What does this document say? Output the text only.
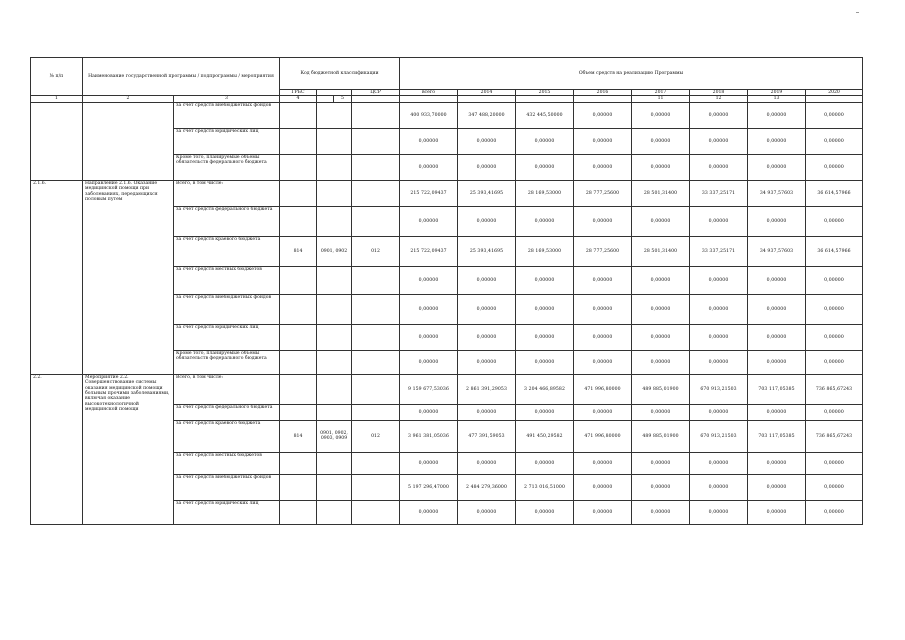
№ п/п	Наименование государственной программы / подпрограммы / мероприятия		Код бюджетной классификации				Объем средств на реализацию Программы							
			ГРБС			ЦСР	всего	2014	2015	2016	2017	2018	2019	2020
1	2	3	4		5						11	12	13	
		за счет средств внебюджетных фондов					400 933,70000	347 488,20000	432 445,50000	0,00000	0,00000	0,00000	0,00000	0,00000
		за счет средств юридических лиц					0,00000	0,00000	0,00000	0,00000	0,00000	0,00000	0,00000	0,00000
		Кроме того, планируемые объемы обязательств федерального бюджета					0,00000	0,00000	0,00000	0,00000	0,00000	0,00000	0,00000	0,00000
2.1.6.	Направление 2.1.6. Оказание медицинской помощи при заболеваниях, передающихся половым путем	Всего, в том числе:					215 722,09437	25 393,41695	28 169,53000	28 777,25600	28 501,31400	33 337,25171	34 937,57603	36 614,57966
		за счет средств федерального бюджета					0,00000	0,00000	0,00000	0,00000	0,00000	0,00000	0,00000	0,00000
		за счет средств краевого бюджета	814	0901, 0902		012	215 722,09437	25 393,41695	28 169,53000	28 777,25600	28 501,31400	33 337,25171	34 937,57603	36 614,57966
		за счет средств местных бюджетов					0,00000	0,00000	0,00000	0,00000	0,00000	0,00000	0,00000	0,00000
		за счет средств внебюджетных фондов					0,00000	0,00000	0,00000	0,00000	0,00000	0,00000	0,00000	0,00000
		за счет средств юридических лиц					0,00000	0,00000	0,00000	0,00000	0,00000	0,00000	0,00000	0,00000
		Кроме того, планируемые объемы обязательств федерального бюджета					0,00000	0,00000	0,00000	0,00000	0,00000	0,00000	0,00000	0,00000
2.2.	Мероприятие 2.2. Совершенствование системы оказания медицинской помощи больным прочими заболеваниями, включая оказание высокотехнологичной медицинской помощи	Всего, в том числе:					9 159 677,53036	2 861 391,29053	3 204 466,89582	471 996,80000	489 885,01900	670 913,21503	703 117,05385	736 865,67243
		за счет средств федерального бюджета					0,00000	0,00000	0,00000	0,00000	0,00000	0,00000	0,00000	0,00000
		за счет средств краевого бюджета	814	0901, 0902, 0903, 0909		012	3 961 381,05036	477 391,59053	491 450,29582	471 996,80000	489 885,01900	670 913,21503	703 117,05385	736 865,67243
		за счет средств местных бюджетов					0,00000	0,00000	0,00000	0,00000	0,00000	0,00000	0,00000	0,00000
		за счет средств внебюджетных фондов					5 197 296,47000	2 484 279,36000	2 713 016,51000	0,00000	0,00000	0,00000	0,00000	0,00000
		за счет средств юридических лиц					0,00000	0,00000	0,00000	0,00000	0,00000	0,00000	0,00000	0,00000
